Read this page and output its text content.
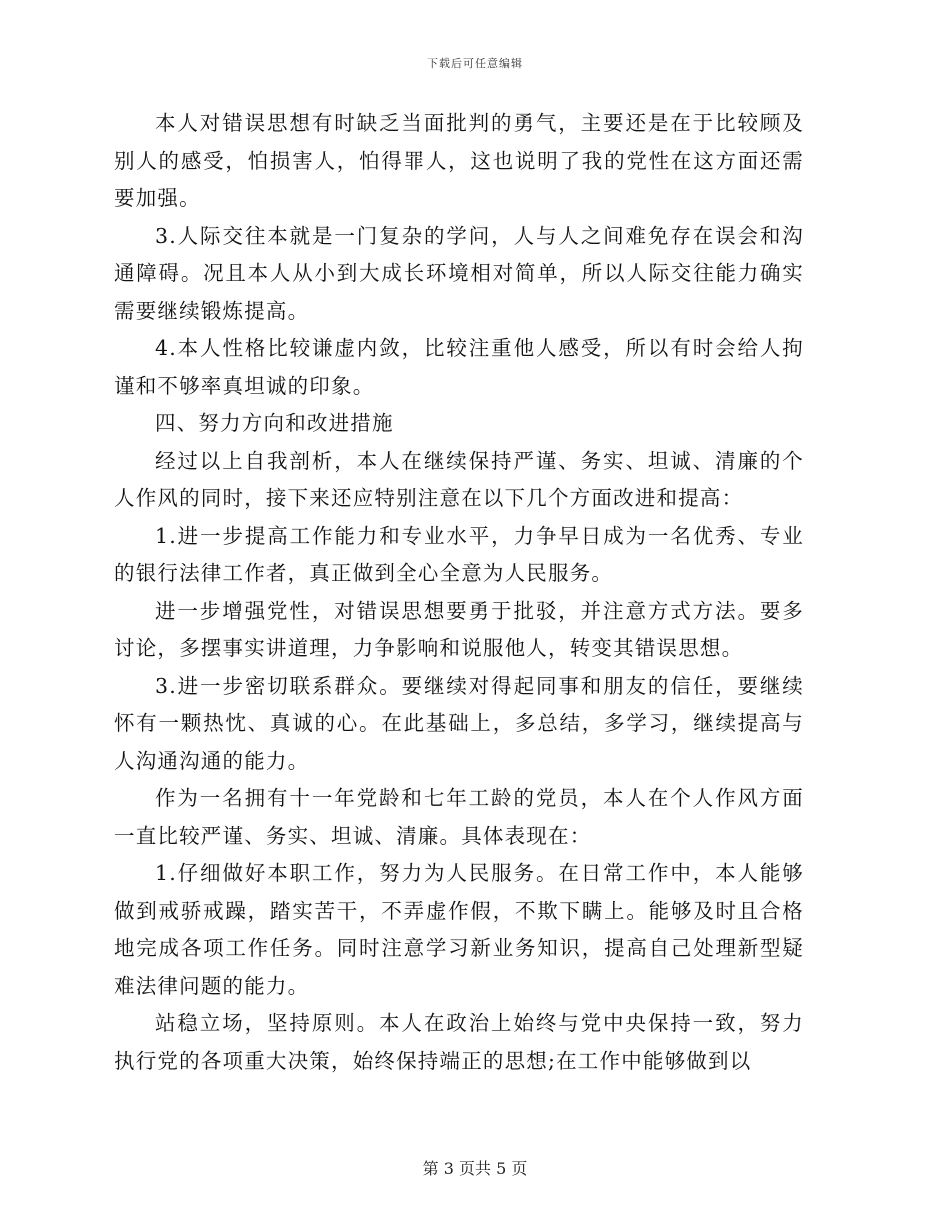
下载后可任意编辑

本人对错误思想有时缺乏当面批判的勇气，主要还是在于比较顾及别人的感受，怕损害人，怕得罪人，这也说明了我的党性在这方面还需要加强。

3.人际交往本就是一门复杂的学问，人与人之间难免存在误会和沟通障碍。况且本人从小到大成长环境相对简单，所以人际交往能力确实需要继续锻炼提高。

4.本人性格比较谦虚内敛，比较注重他人感受，所以有时会给人拘谨和不够率真坦诚的印象。

四、努力方向和改进措施

经过以上自我剖析，本人在继续保持严谨、务实、坦诚、清廉的个人作风的同时，接下来还应特别注意在以下几个方面改进和提高：

1.进一步提高工作能力和专业水平，力争早日成为一名优秀、专业的银行法律工作者，真正做到全心全意为人民服务。

进一步增强党性，对错误思想要勇于批驳，并注意方式方法。要多讨论，多摆事实讲道理，力争影响和说服他人，转变其错误思想。

3.进一步密切联系群众。要继续对得起同事和朋友的信任，要继续怀有一颗热忱、真诚的心。在此基础上，多总结，多学习，继续提高与人沟通沟通的能力。

作为一名拥有十一年党龄和七年工龄的党员，本人在个人作风方面一直比较严谨、务实、坦诚、清廉。具体表现在：

1.仔细做好本职工作，努力为人民服务。在日常工作中，本人能够做到戒骄戒躁，踏实苦干，不弄虚作假，不欺下瞒上。能够及时且合格地完成各项工作任务。同时注意学习新业务知识，提高自己处理新型疑难法律问题的能力。

站稳立场，坚持原则。本人在政治上始终与党中央保持一致，努力执行党的各项重大决策，始终保持端正的思想;在工作中能够做到以

第 3 页共 5 页
